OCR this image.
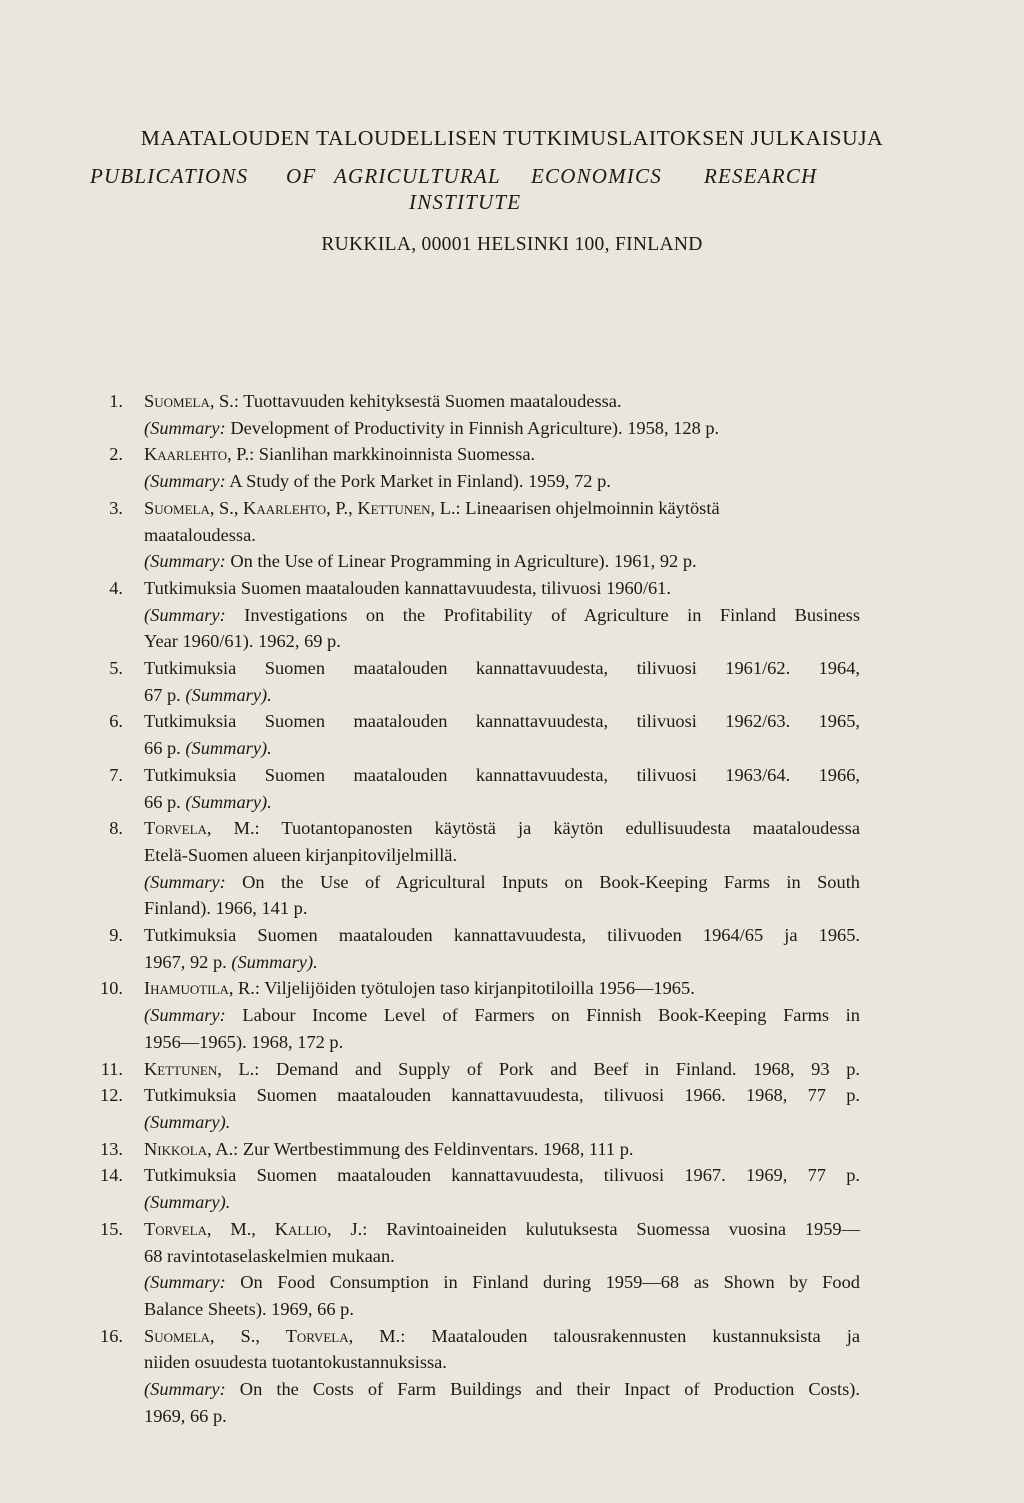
MAATALOUDEN TALOUDELLISEN TUTKIMUSLAITOKSEN JULKAISUJA
PUBLICATIONS OF AGRICULTURAL ECONOMICS RESEARCH
INSTITUTE
RUKKILA, 00001 HELSINKI 100, FINLAND
1. Suomela, S.: Tuottavuuden kehityksestä Suomen maataloudessa.
(Summary: Development of Productivity in Finnish Agriculture). 1958, 128 p.
2. Kaarlehto, P.: Sianlihan markkinoinnista Suomessa.
(Summary: A Study of the Pork Market in Finland). 1959, 72 p.
3. Suomela, S., Kaarlehto, P., Kettunen, L.: Lineaarisen ohjelmoinnin käytöstä
maataloudessa.
(Summary: On the Use of Linear Programming in Agriculture). 1961, 92 p.
4. Tutkimuksia Suomen maatalouden kannattavuudesta, tilivuosi 1960/61.
(Summary: Investigations on the Profitability of Agriculture in Finland Business
Year 1960/61). 1962, 69 p.
5. Tutkimuksia Suomen maatalouden kannattavuudesta, tilivuosi 1961/62. 1964,
67 p. (Summary).
6. Tutkimuksia Suomen maatalouden kannattavuudesta, tilivuosi 1962/63. 1965,
66 p. (Summary).
7. Tutkimuksia Suomen maatalouden kannattavuudesta, tilivuosi 1963/64. 1966,
66 p. (Summary).
8. Torvela, M.: Tuotantopanosten käytöstä ja käytön edullisuudesta maataloudessa
Etelä-Suomen alueen kirjanpitoviljelmillä.
(Summary: On the Use of Agricultural Inputs on Book-Keeping Farms in South
Finland). 1966, 141 p.
9. Tutkimuksia Suomen maatalouden kannattavuudesta, tilivuoden 1964/65 ja 1965.
1967, 92 p. (Summary).
10. Ihamuotila, R.: Viljelijöiden työtulojen taso kirjanpitotiloilla 1956—1965.
(Summary: Labour Income Level of Farmers on Finnish Book-Keeping Farms in
1956—1965). 1968, 172 p.
11. Kettunen, L.: Demand and Supply of Pork and Beef in Finland. 1968, 93 p.
12. Tutkimuksia Suomen maatalouden kannattavuudesta, tilivuosi 1966. 1968, 77 p.
(Summary).
13. Nikkola, A.: Zur Wertbestimmung des Feldinventars. 1968, 111 p.
14. Tutkimuksia Suomen maatalouden kannattavuudesta, tilivuosi 1967. 1969, 77 p.
(Summary).
15. Torvela, M., Kallio, J.: Ravintoaineiden kulutuksesta Suomessa vuosina 1959—
68 ravintotaselaskelmien mukaan.
(Summary: On Food Consumption in Finland during 1959—68 as Shown by Food
Balance Sheets). 1969, 66 p.
16. Suomela, S., Torvela, M.: Maatalouden talousrakennusten kustannuksista ja
niiden osuudesta tuotantokustannuksissa.
(Summary: On the Costs of Farm Buildings and their Inpact of Production Costs).
1969, 66 p.
